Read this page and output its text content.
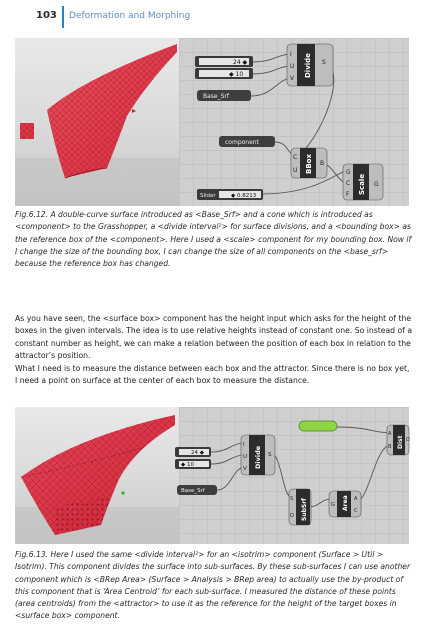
103 Deformation and Morphing
24 ◆
◆ 10
Base_Srf
Divide
I
U
V
S
component
BBox
C
U
B
Scale
G
C
F
G
Slider	◆ 0.8213
Fig.6.12. A double-curve surface introduced as <Base_Srf> and a cone which is introduced as <component> to the Grasshopper, a <divide interval²> for surface divisions, and a <bounding box> as the reference box of the <component>. Here I used a <scale> component for my bounding box. Now if I change the size of the bounding box, I can change the size of all components on the <base_srf> because the reference box has changed.
As you have seen, the <surface box> component has the height input which asks for the height of the boxes in the given intervals. The idea is to use relative heights instead of constant one. So instead of a constant number as height, we can make a relation between the position of each box in relation to the attractor’s position.
What I need is to measure the distance between each box and the attractor. Since there is no box yet, I need a point on surface at the center of each box to measure the distance.
24 ◆
◆ 10
Base_Srf
Divide
I
U
V
S
SubSrf
S
D
Area
G
A
C
Dist
A
B
D
Fig.6.13. Here I used the same <divide interval²> for an <isotrim> component (Surface > Util > Isotrim). This component divides the surface into sub-surfaces. By these sub-surfaces I can use another component which is <BRep Area> (Surface > Analysis > BRep area) to actually use the by-product of this component that is ‘Area Centroid’ for each sub-surface. I measured the distance of these points (area centroids) from the <attractor> to use it as the reference for the height of the target boxes in <surface box> component.
